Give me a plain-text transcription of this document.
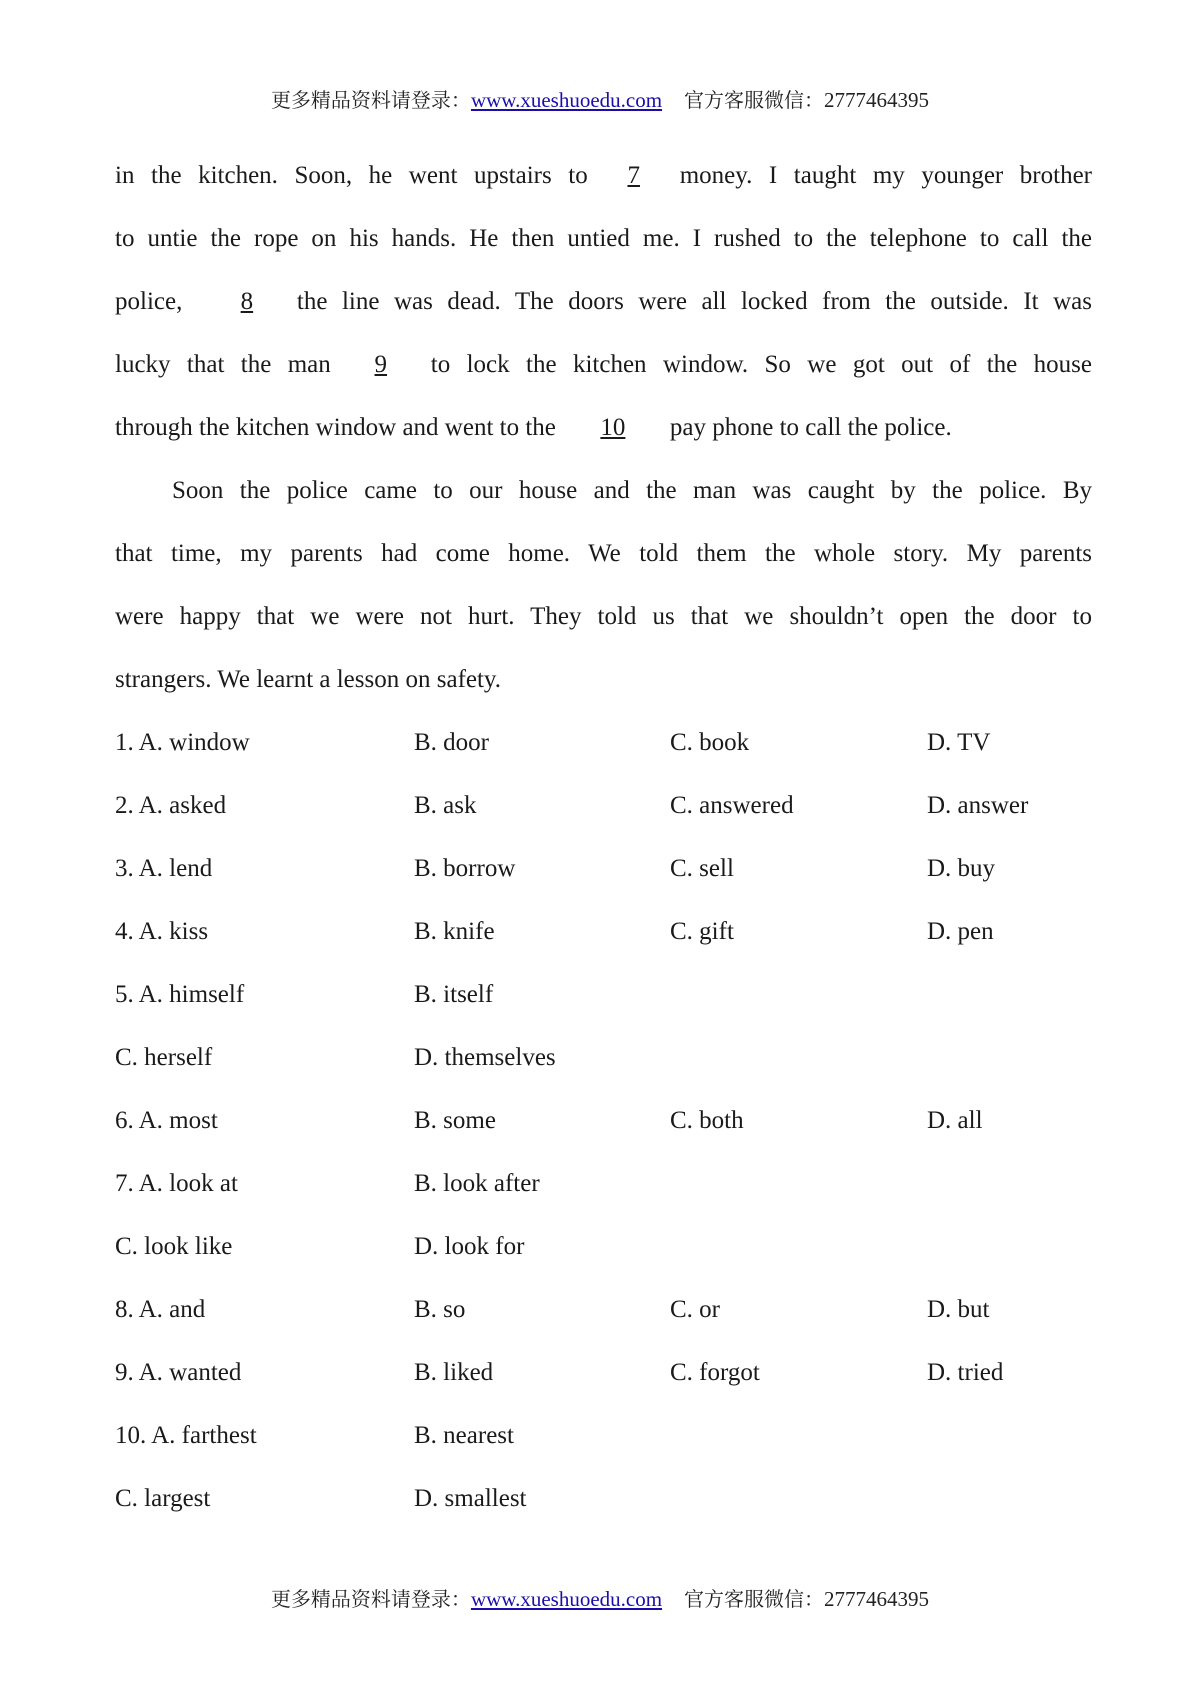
更多精品资料请登录：www.xueshuoedu.com 官方客服微信：2777464395
in the kitchen. Soon, he went upstairs to 7 money. I taught my younger brother
to untie the rope on his hands. He then untied me. I rushed to the telephone to call the
police, 8 the line was dead. The doors were all locked from the outside. It was
lucky that the man 9 to lock the kitchen window. So we got out of the house
through the kitchen window and went to the 10 pay phone to call the police.
Soon the police came to our house and the man was caught by the police. By
that time, my parents had come home. We told them the whole story. My parents
were happy that we were not hurt. They told us that we shouldn’t open the door to
strangers. We learnt a lesson on safety.
1. A. window	B. door	C. book	D. TV
2. A. asked	B. ask	C. answered	D. answer
3. A. lend	B. borrow	C. sell	D. buy
4. A. kiss	B. knife	C. gift	D. pen
5. A. himself	B. itself
C. herself	D. themselves
6. A. most	B. some	C. both	D. all
7. A. look at	B. look after
C. look like	D. look for
8. A. and	B. so	C. or	D. but
9. A. wanted	B. liked	C. forgot	D. tried
10. A. farthest	B. nearest
C. largest	D. smallest
更多精品资料请登录：www.xueshuoedu.com 官方客服微信：2777464395
